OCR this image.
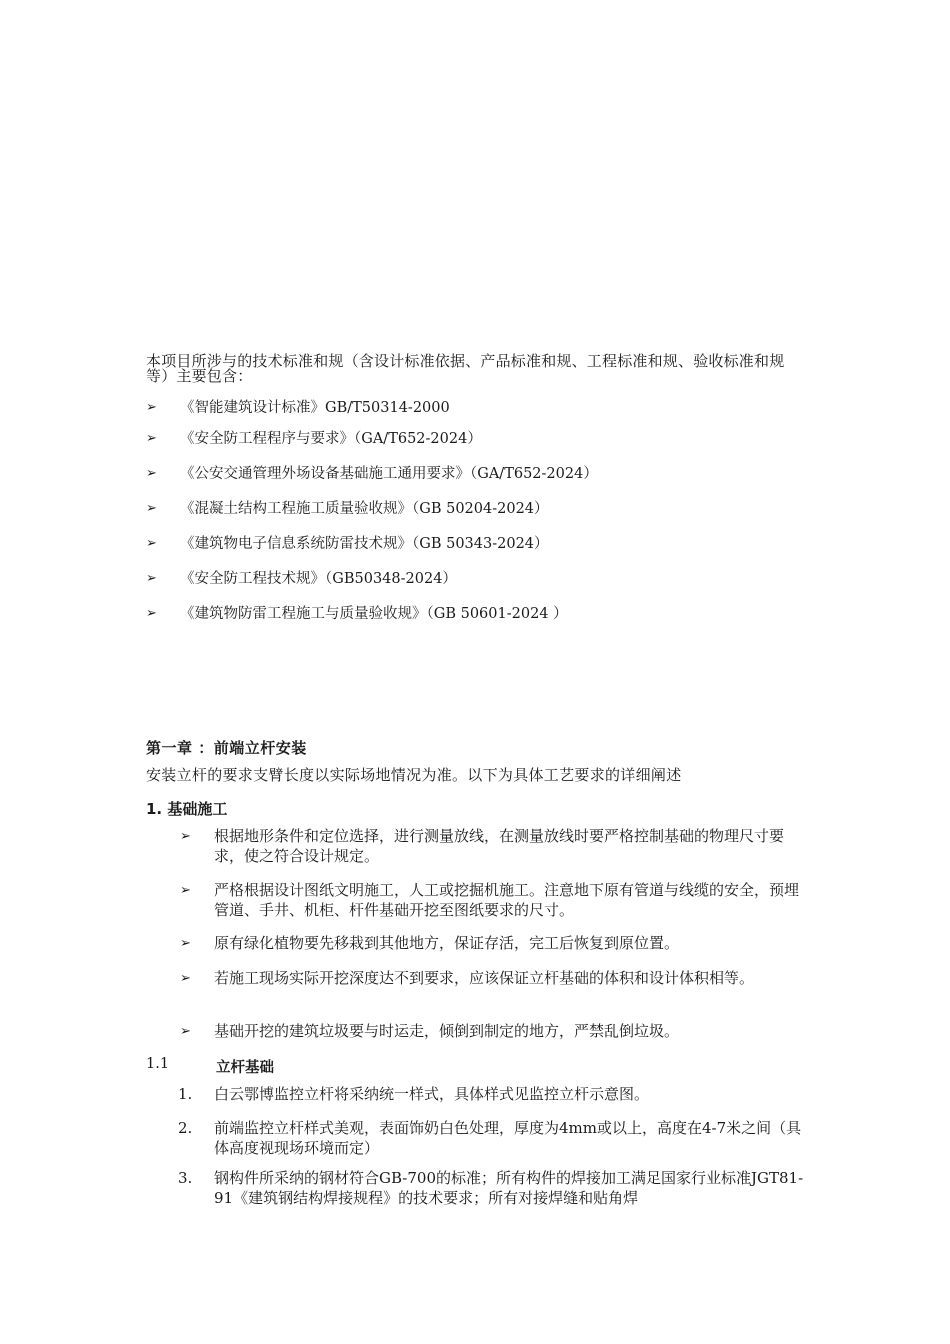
本项目所涉与的技术标准和规（含设计标准依据、产品标准和规、工程标准和规、验收标准和规等）主要包含：
➢ 《智能建筑设计标准》GB/T50314-2000
➢ 《安全防工程程序与要求》（GA/T652-2024）
➢ 《公安交通管理外场设备基础施工通用要求》（GA/T652-2024）
➢ 《混凝土结构工程施工质量验收规》（GB 50204-2024）
➢ 《建筑物电子信息系统防雷技术规》（GB 50343-2024）
➢ 《安全防工程技术规》（GB50348-2024）
➢ 《建筑物防雷工程施工与质量验收规》（GB 50601-2024 ）
第一章 ：前端立杆安装
安装立杆的要求支臂长度以实际场地情况为准。以下为具体工艺要求的详细阐述
1. 基础施工
➢ 根据地形条件和定位选择，进行测量放线，在测量放线时要严格控制基础的物理尺寸要求，使之符合设计规定。
➢ 严格根据设计图纸文明施工，人工或挖掘机施工。注意地下原有管道与线缆的安全，预埋管道、手井、机柜、杆件基础开挖至图纸要求的尺寸。
➢ 原有绿化植物要先移栽到其他地方，保证存活，完工后恢复到原位置。
➢ 若施工现场实际开挖深度达不到要求，应该保证立杆基础的体积和设计体积相等。
➢ 基础开挖的建筑垃圾要与时运走，倾倒到制定的地方，严禁乱倒垃圾。
1.1	立杆基础
1. 白云鄂博监控立杆将采纳统一样式，具体样式见监控立杆示意图。
2. 前端监控立杆样式美观，表面饰奶白色处理，厚度为4mm或以上，高度在4-7米之间（具体高度视现场环境而定）
3. 钢构件所采纳的钢材符合GB-700的标准；所有构件的焊接加工满足国家行业标准JGT81-91《建筑钢结构焊接规程》的技术要求；所有对接焊缝和贴角焊
